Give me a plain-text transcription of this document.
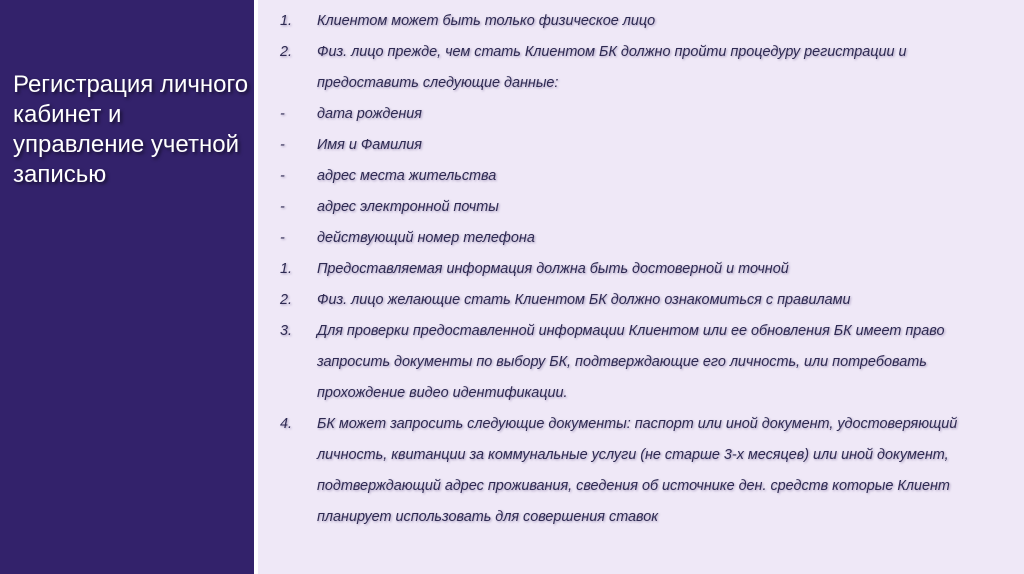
Регистрация личного кабинет и управление учетной записью
1.	Клиентом может быть только физическое лицо
2.	Физ. лицо прежде, чем стать Клиентом БК должно пройти процедуру регистрации и предоставить следующие данные:
-	дата рождения
-	Имя и Фамилия
-	адрес места жительства
-	адрес электронной почты
-	действующий номер телефона
1.	Предоставляемая информация должна быть достоверной и точной
2.	Физ. лицо желающие стать Клиентом БК должно ознакомиться с правилами
3.	Для проверки предоставленной информации Клиентом или ее обновления БК имеет право запросить документы по выбору БК, подтверждающие его личность, или потребовать прохождение видео идентификации.
4.	БК может запросить следующие документы: паспорт или иной документ, удостоверяющий личность, квитанции за коммунальные услуги (не старше 3-х месяцев) или иной документ, подтверждающий адрес проживания, сведения об источнике ден. средств которые Клиент планирует использовать для совершения ставок
